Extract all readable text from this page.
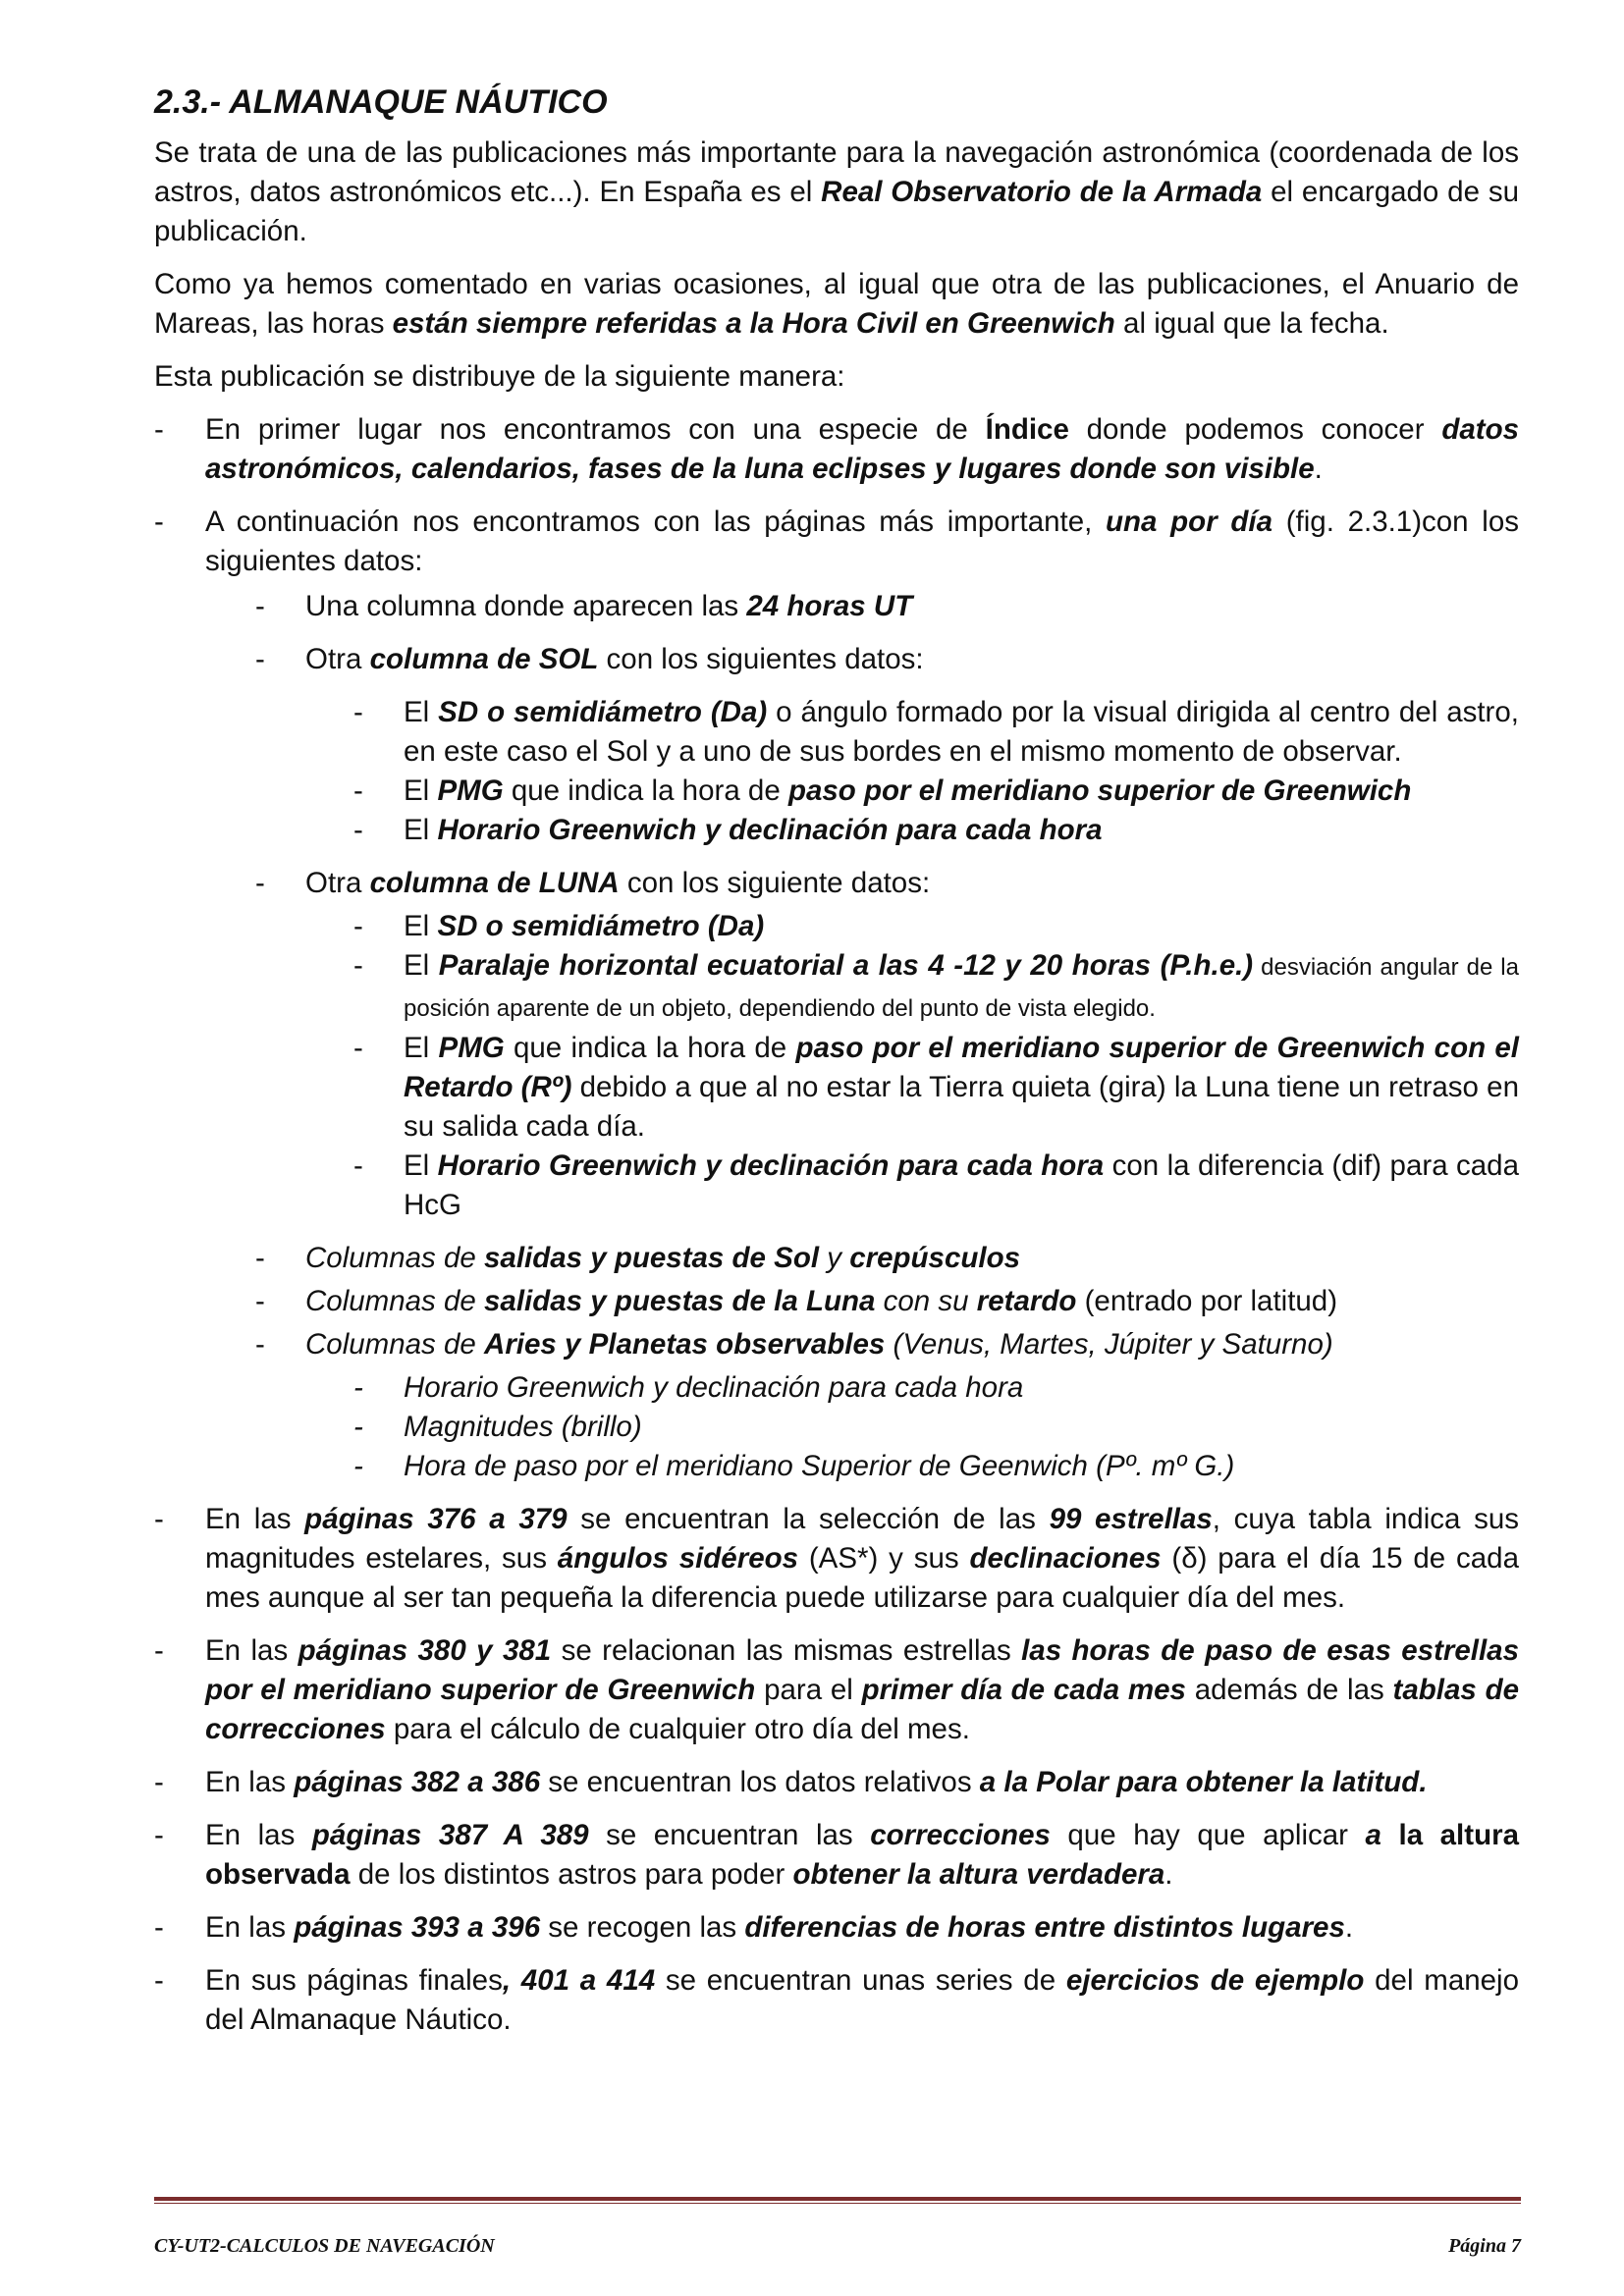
2.3.- ALMANAQUE NÁUTICO

Se trata de una de las publicaciones más importante para la navegación astronómica (coordenada de los astros, datos astronómicos etc...). En España es el Real Observatorio de la Armada el encargado de su publicación.

Como ya hemos comentado en varias ocasiones, al igual que otra de las publicaciones, el Anuario de Mareas, las horas están siempre referidas a la Hora Civil en Greenwich al igual que la fecha.

Esta publicación se distribuye de la siguiente manera:

- En primer lugar nos encontramos con una especie de Índice donde podemos conocer datos astronómicos, calendarios, fases de la luna eclipses y lugares donde son visible.
- A continuación nos encontramos con las páginas más importante, una por día (fig. 2.3.1)con los siguientes datos:
- Una columna donde aparecen las 24 horas UT
- Otra columna de SOL con los siguientes datos:
- El SD o semidiámetro (Da) o ángulo formado por la visual dirigida al centro del astro, en este caso el Sol y a uno de sus bordes en el mismo momento de observar.
- El PMG que indica la hora de paso por el meridiano superior de Greenwich
- El Horario Greenwich y declinación para cada hora
- Otra columna de LUNA con los siguiente datos:
- El SD o semidiámetro (Da)
- El Paralaje horizontal ecuatorial a las 4 -12 y 20 horas (P.h.e.) desviación angular de la posición aparente de un objeto, dependiendo del punto de vista elegido.
- El PMG que indica la hora de paso por el meridiano superior de Greenwich con el Retardo (Rº) debido a que al no estar la Tierra quieta (gira) la Luna tiene un retraso en su salida cada día.
- El Horario Greenwich y declinación para cada hora con la diferencia (dif) para cada HcG
- Columnas de salidas y puestas de Sol y crepúsculos
- Columnas de salidas y puestas de la Luna con su retardo (entrado por latitud)
- Columnas de Aries y Planetas observables (Venus, Martes, Júpiter y Saturno)
- Horario Greenwich y declinación para cada hora
- Magnitudes (brillo)
- Hora de paso por el meridiano Superior de Geenwich (Pº. mº G.)
- En las páginas 376 a 379 se encuentran la selección de las 99 estrellas, cuya tabla indica sus magnitudes estelares, sus ángulos sidéreos (AS*) y sus declinaciones (δ) para el día 15 de cada mes aunque al ser tan pequeña la diferencia puede utilizarse para cualquier día del mes.
- En las páginas 380 y 381 se relacionan las mismas estrellas las horas de paso de esas estrellas por el meridiano superior de Greenwich para el primer día de cada mes además de las tablas de correcciones para el cálculo de cualquier otro día del mes.
- En las páginas 382 a 386 se encuentran los datos relativos a la Polar para obtener la latitud.
- En las páginas 387 A 389 se encuentran las correcciones que hay que aplicar a la altura observada de los distintos astros para poder obtener la altura verdadera.
- En las páginas 393 a 396 se recogen las diferencias de horas entre distintos lugares.
- En sus páginas finales, 401 a 414 se encuentran unas series de ejercicios de ejemplo del manejo del Almanaque Náutico.
CY-UT2-CALCULOS DE NAVEGACIÓN	Página 7
